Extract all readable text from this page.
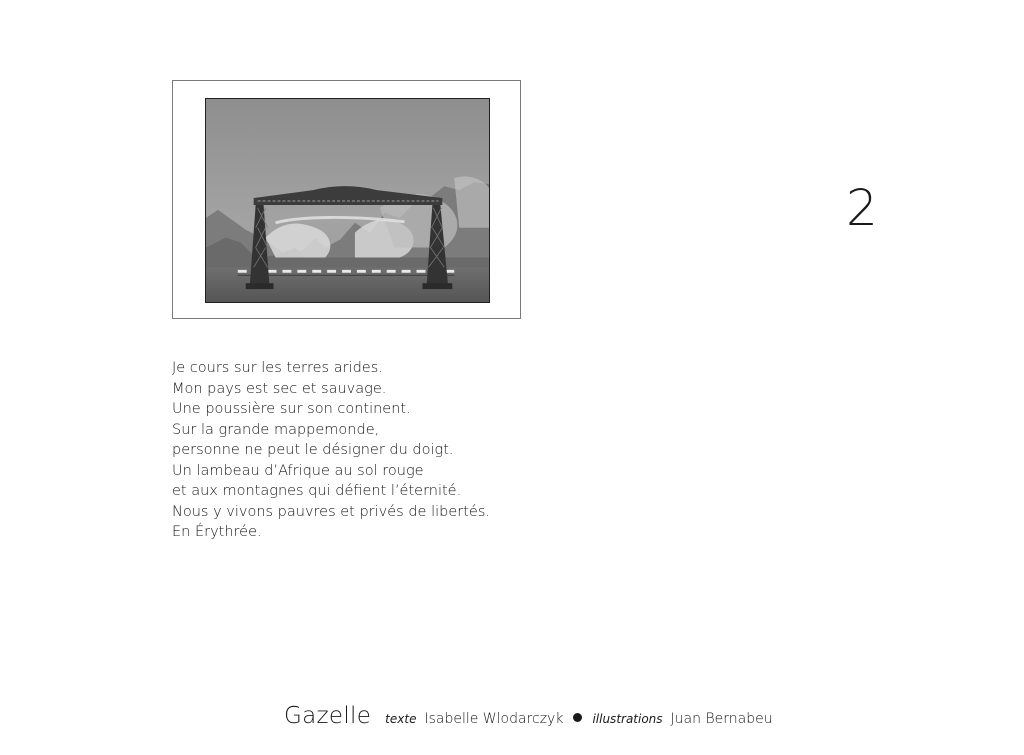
2
Je cours sur les terres arides.
Mon pays est sec et sauvage.
Une poussière sur son continent.
Sur la grande mappemonde,
personne ne peut le désigner du doigt.
Un lambeau d’Afrique au sol rouge
et aux montagnes qui défient l’éternité.
Nous y vivons pauvres et privés de libertés.
En Érythrée.
Gazelle texte Isabelle Wlodarczyk illustrations Juan Bernabeu
